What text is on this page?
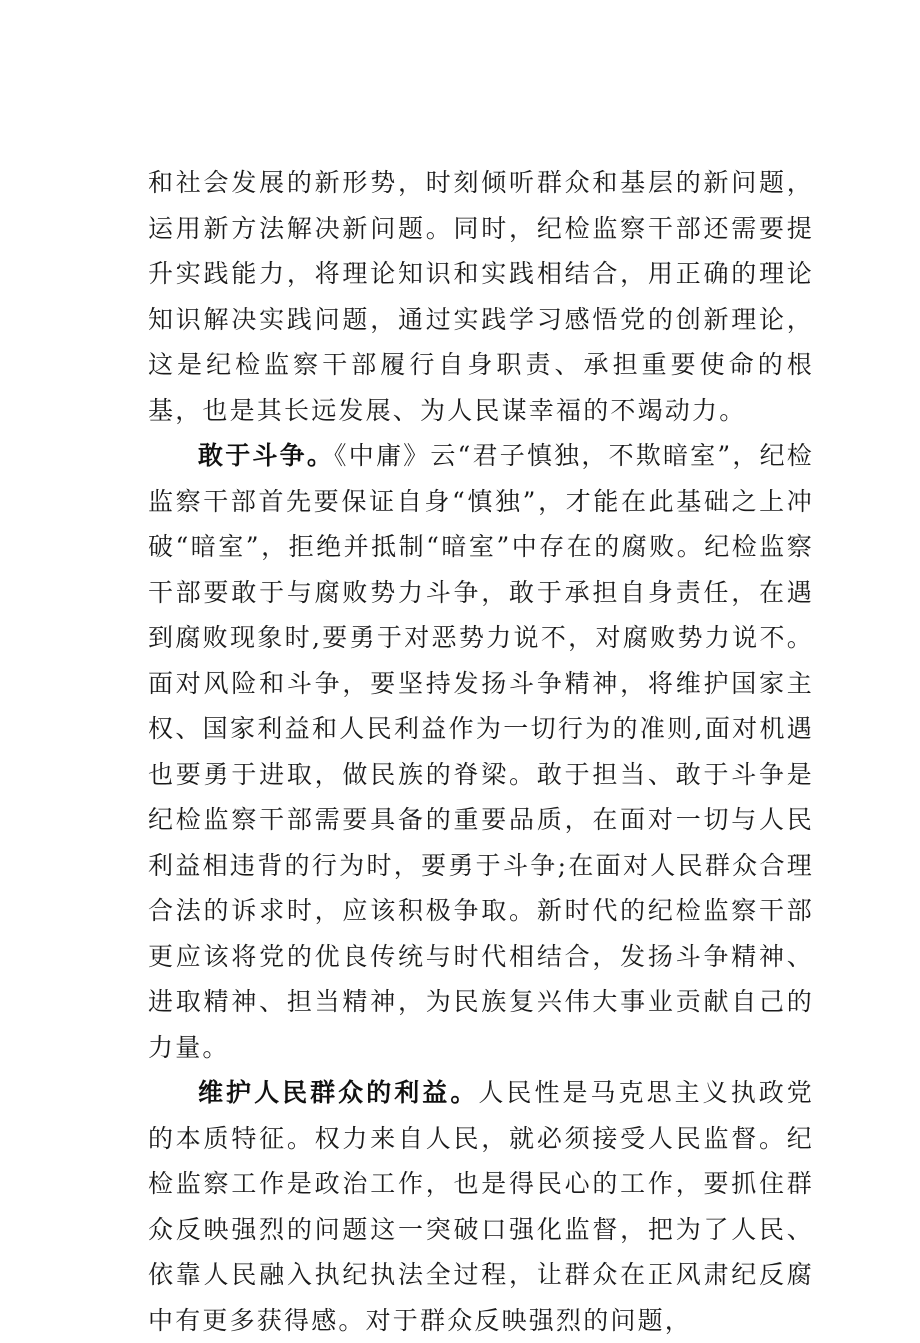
和社会发展的新形势，时刻倾听群众和基层的新问题，运用新方法解决新问题。同时，纪检监察干部还需要提升实践能力，将理论知识和实践相结合，用正确的理论知识解决实践问题，通过实践学习感悟党的创新理论，这是纪检监察干部履行自身职责、承担重要使命的根基，也是其长远发展、为人民谋幸福的不竭动力。

敢于斗争。《中庸》云“君子慎独，不欺暗室”，纪检监察干部首先要保证自身“慎独”，才能在此基础之上冲破“暗室”，拒绝并抵制“暗室”中存在的腐败。纪检监察干部要敢于与腐败势力斗争，敢于承担自身责任，在遇到腐败现象时,要勇于对恶势力说不，对腐败势力说不。面对风险和斗争，要坚持发扬斗争精神，将维护国家主权、国家利益和人民利益作为一切行为的准则,面对机遇也要勇于进取，做民族的脊梁。敢于担当、敢于斗争是纪检监察干部需要具备的重要品质，在面对一切与人民利益相违背的行为时，要勇于斗争;在面对人民群众合理合法的诉求时，应该积极争取。新时代的纪检监察干部更应该将党的优良传统与时代相结合，发扬斗争精神、进取精神、担当精神，为民族复兴伟大事业贡献自己的力量。

维护人民群众的利益。人民性是马克思主义执政党的本质特征。权力来自人民，就必须接受人民监督。纪检监察工作是政治工作，也是得民心的工作，要抓住群众反映强烈的问题这一突破口强化监督，把为了人民、依靠人民融入执纪执法全过程，让群众在正风肃纪反腐中有更多获得感。对于群众反映强烈的问题，
